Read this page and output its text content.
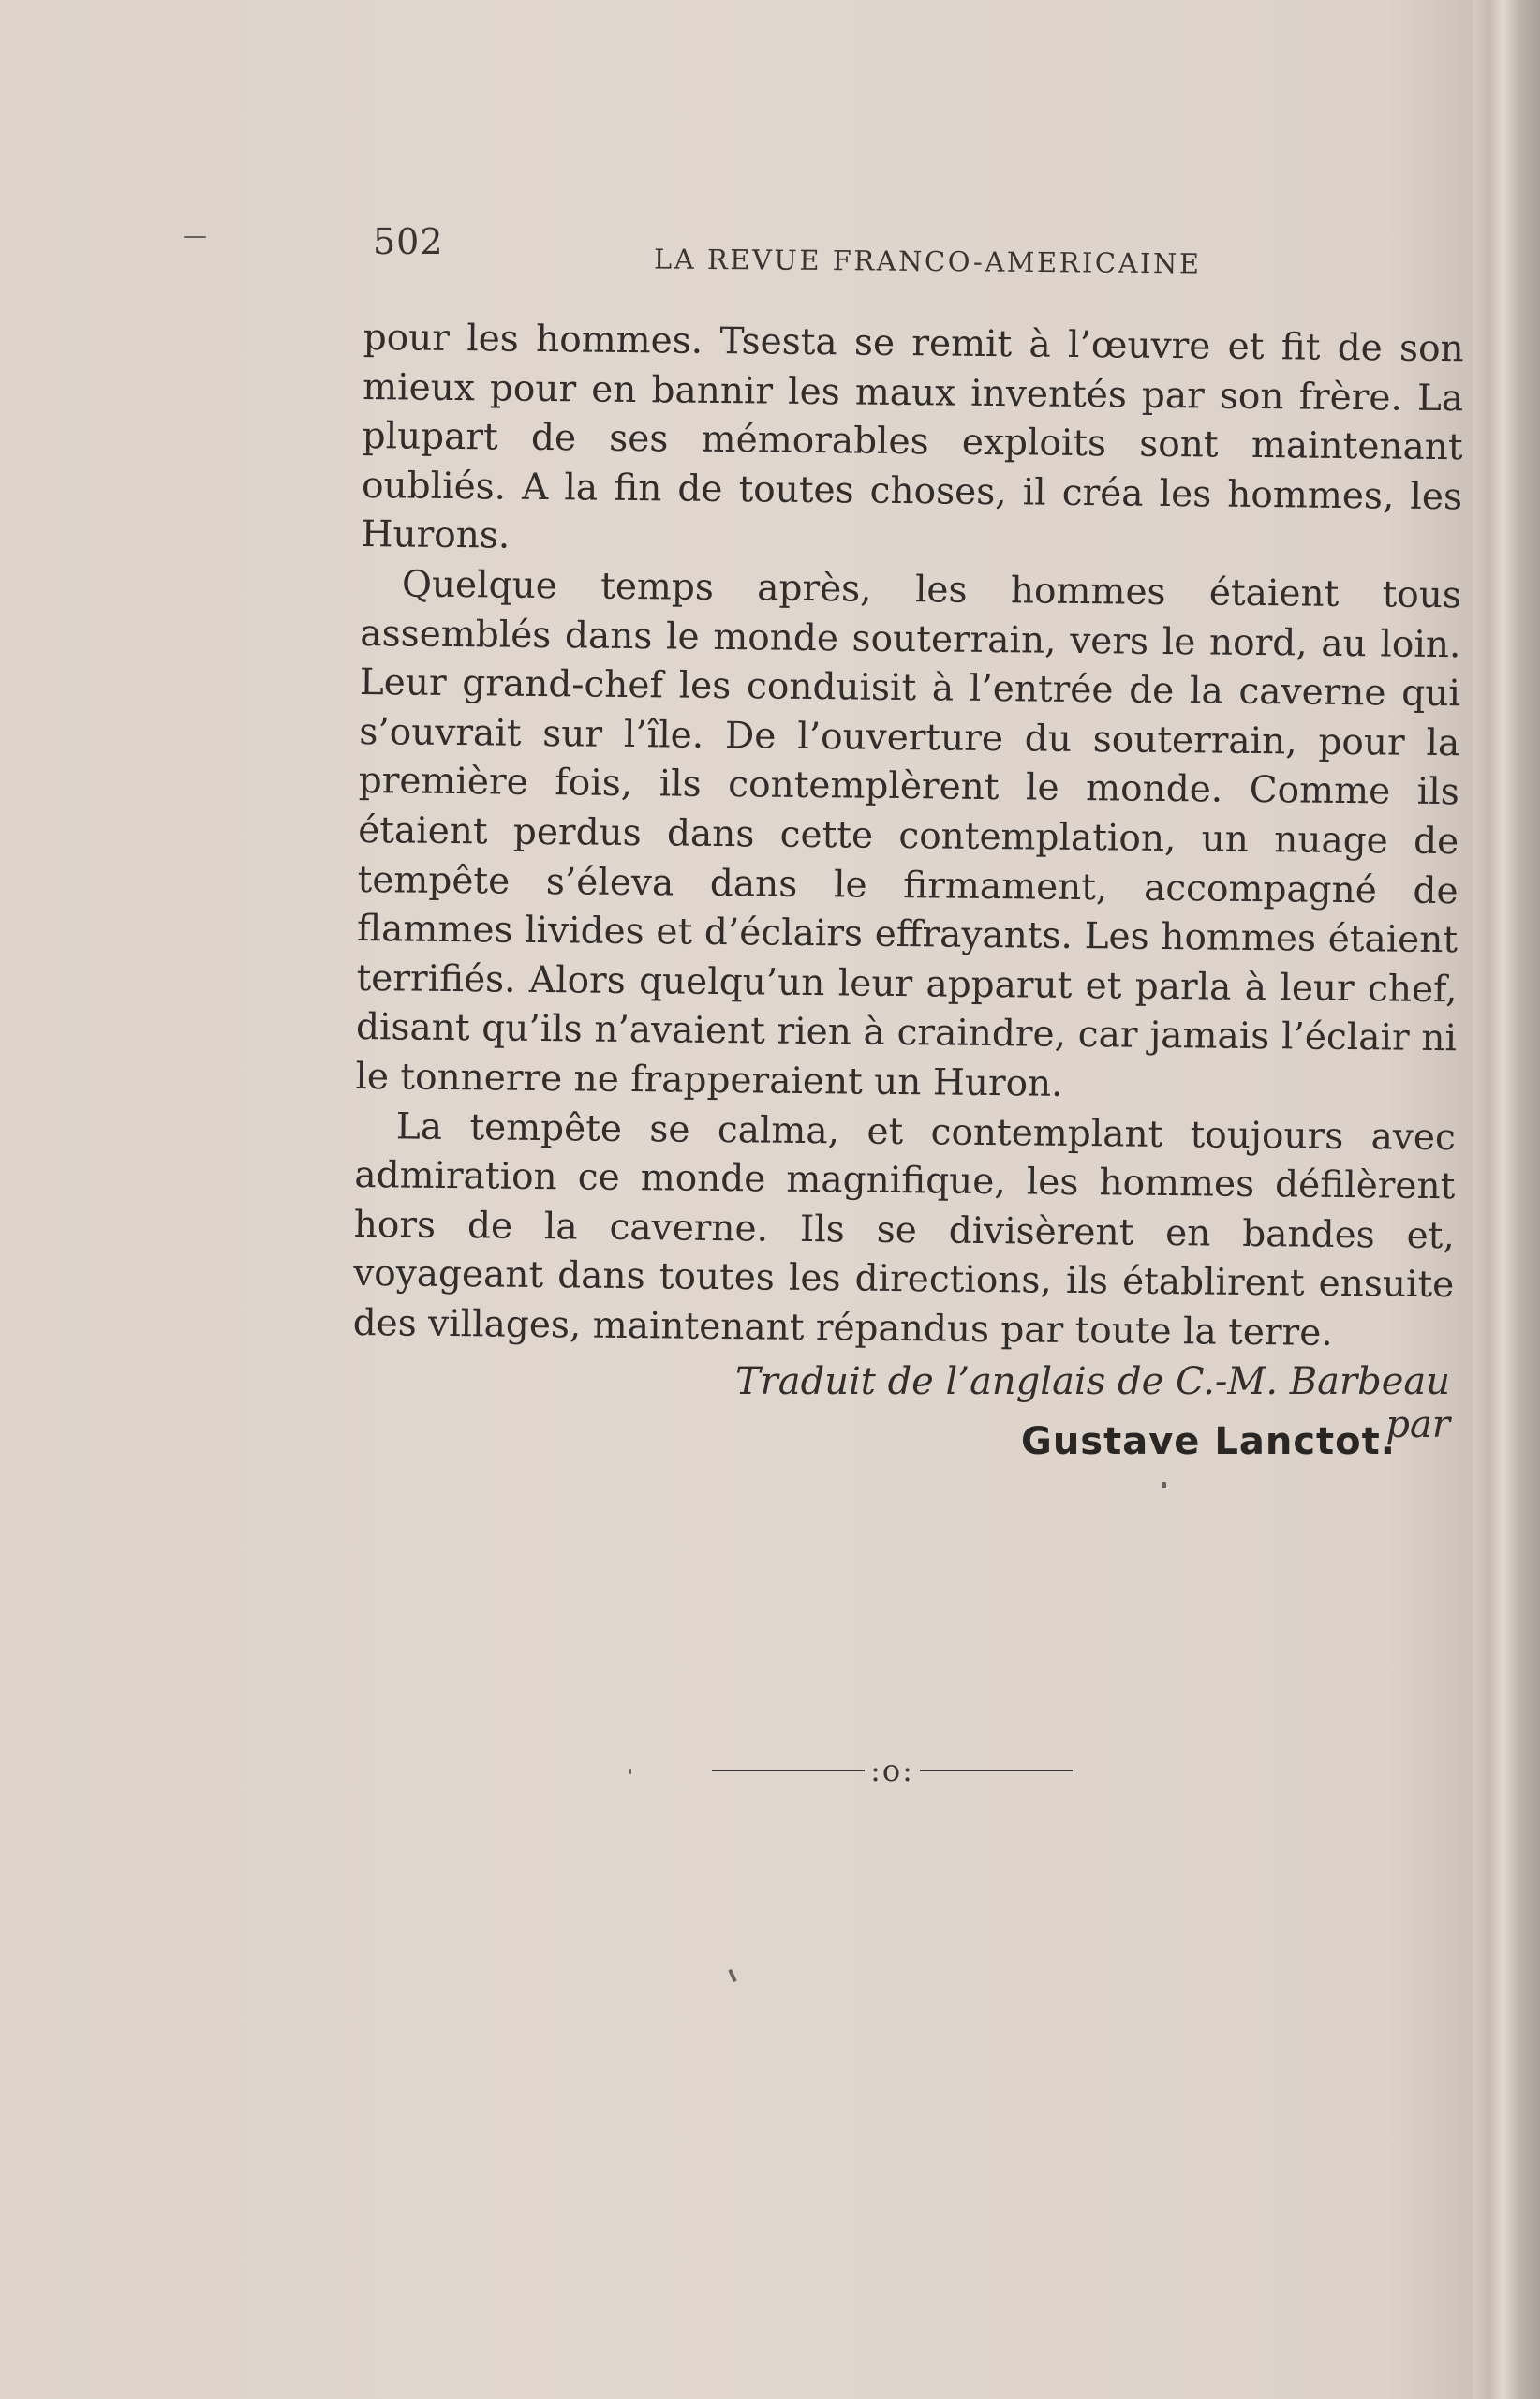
502	LA REVUE FRANCO-AMERICAINE

pour les hommes. Tsesta se remit à l’œuvre et fit de son mieux pour en bannir les maux inventés par son frère. La plupart de ses mémorables exploits sont maintenant oubliés. A la fin de toutes choses, il créa les hommes, les Hurons.

Quelque temps après, les hommes étaient tous assemblés dans le monde souterrain, vers le nord, au loin. Leur grand-chef les conduisit à l’entrée de la caverne qui s’ouvrait sur l’île. De l’ouverture du souterrain, pour la première fois, ils contemplèrent le monde. Comme ils étaient perdus dans cette contemplation, un nuage de tempête s’éleva dans le firmament, accompagné de flammes livides et d’éclairs effrayants. Les hommes étaient terrifiés. Alors quelqu’un leur apparut et parla à leur chef, disant qu’ils n’avaient rien à craindre, car jamais l’éclair ni le tonnerre ne frapperaient un Huron.

La tempête se calma, et contemplant toujours avec admiration ce monde magnifique, les hommes défilèrent hors de la caverne. Ils se divisèrent en bandes et, voyageant dans toutes les directions, ils établirent ensuite des villages, maintenant répandus par toute la terre.

Traduit de l’anglais de C.-M. Barbeau par
Gustave Lanctot.
:o:
